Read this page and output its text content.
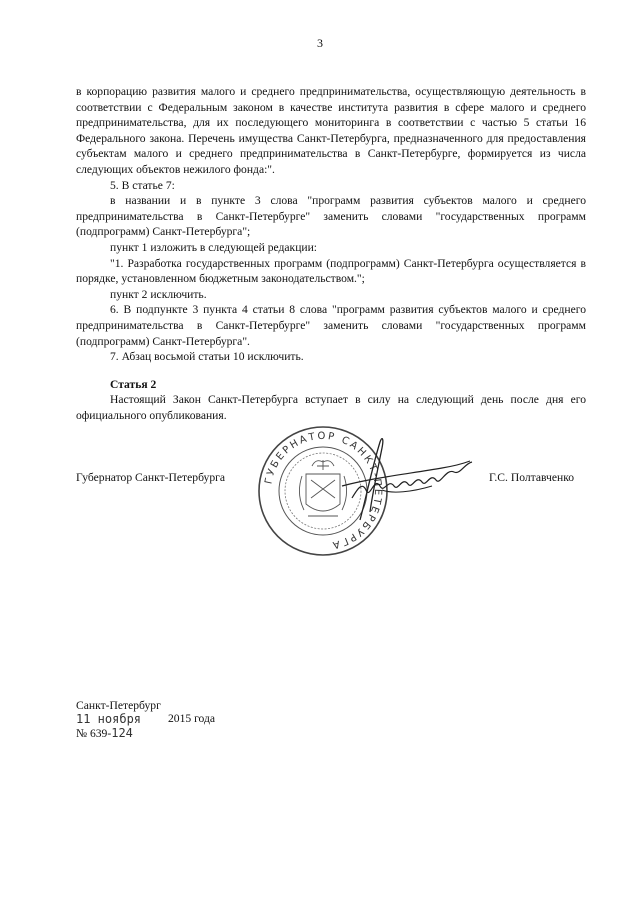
3

в корпорацию развития малого и среднего предпринимательства, осуществляющую деятельность в соответствии с Федеральным законом в качестве института развития в сфере малого и среднего предпринимательства, для их последующего мониторинга в соответствии с частью 5 статьи 16 Федерального закона. Перечень имущества Санкт-Петербурга, предназначенного для предоставления субъектам малого и среднего предпринимательства в Санкт-Петербурге, формируется из числа следующих объектов нежилого фонда:".

5. В статье 7:

в названии и в пункте 3 слова "программ развития субъектов малого и среднего предпринимательства в Санкт-Петербурге" заменить словами "государственных программ (подпрограмм) Санкт-Петербурга";

пункт 1 изложить в следующей редакции:

"1. Разработка государственных программ (подпрограмм) Санкт-Петербурга осуществляется в порядке, установленном бюджетным законодательством.";

пункт 2 исключить.

6. В подпункте 3 пункта 4 статьи 8 слова "программ развития субъектов малого и среднего предпринимательства в Санкт-Петербурге" заменить словами "государственных программ (подпрограмм) Санкт-Петербурга".

7. Абзац восьмой статьи 10 исключить.

Статья 2

Настоящий Закон Санкт-Петербурга вступает в силу на следующий день после дня его официального опубликования.

Губернатор Санкт-Петербурга	ГУБЕРНАТОР САНКТ-ПЕТЕРБУРГА
Г.С. Полтавченко
Санкт-Петербург
11 ноября 2015 года
№ 639-124
